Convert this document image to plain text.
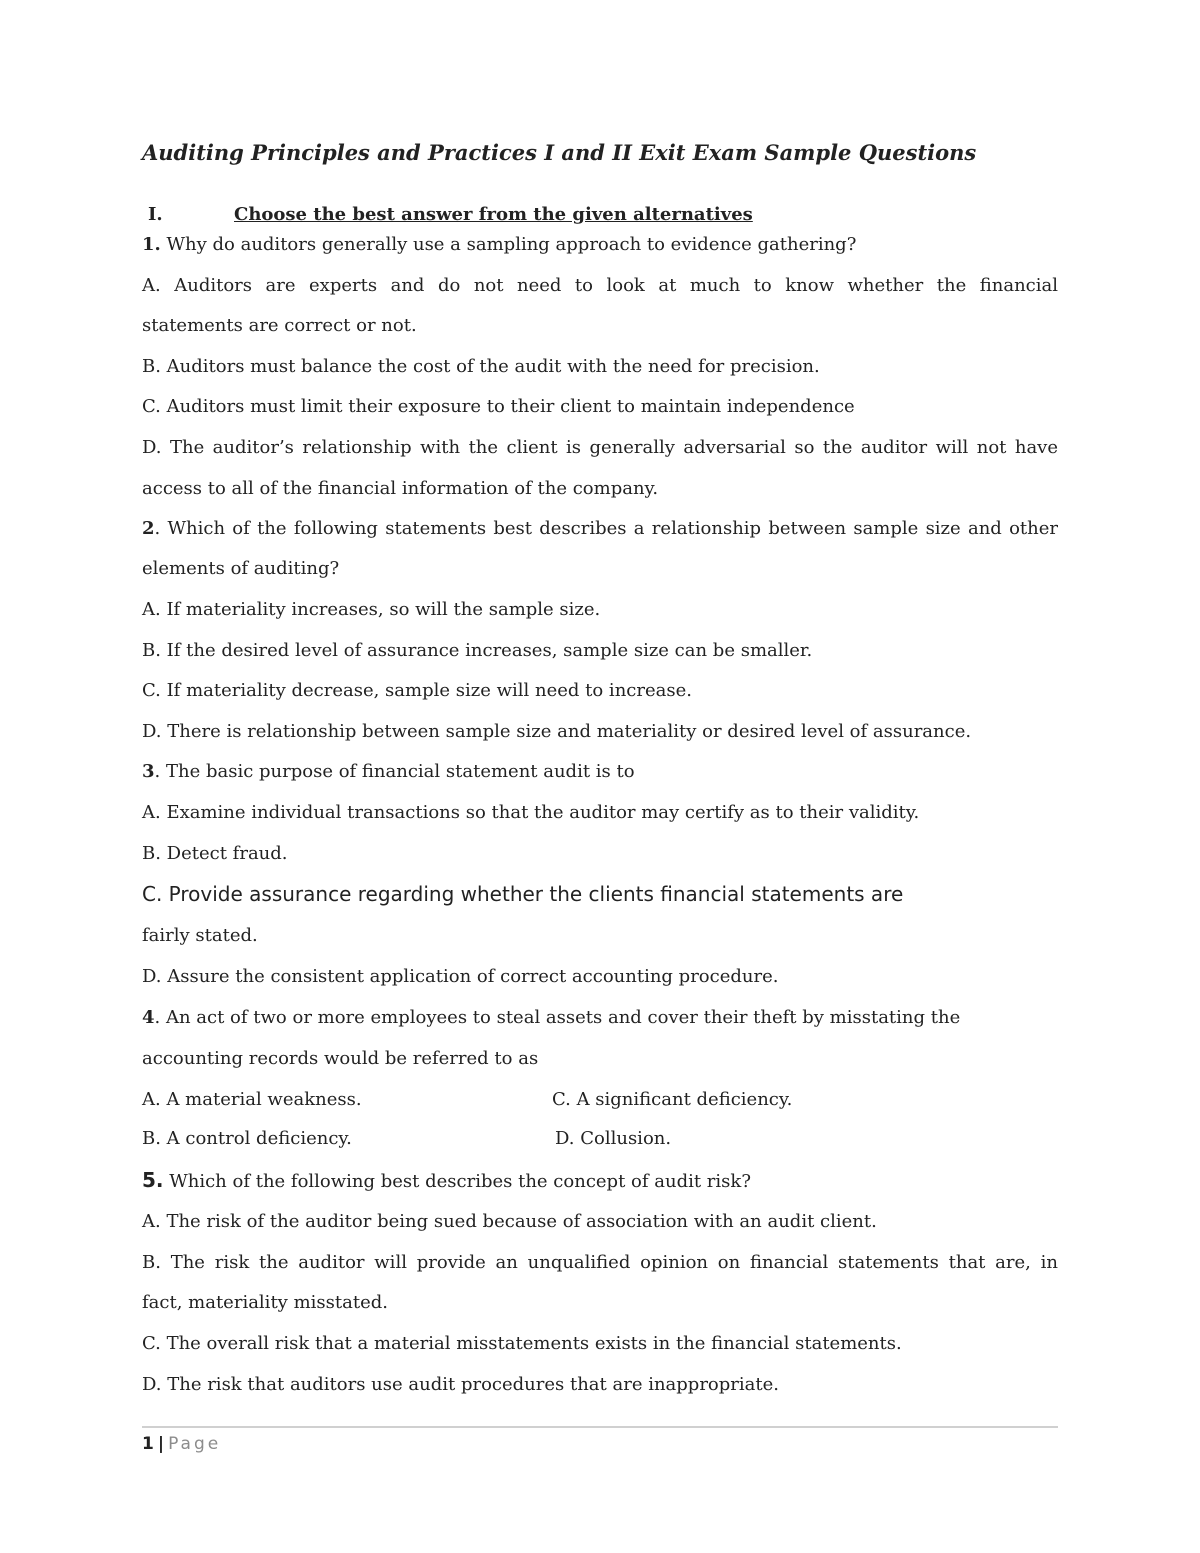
Auditing Principles and Practices I and II Exit Exam Sample Questions
I.	Choose the best answer from the given alternatives
1. Why do auditors generally use a sampling approach to evidence gathering?
A. Auditors are experts and do not need to look at much to know whether the financial
statements are correct or not.
B. Auditors must balance the cost of the audit with the need for precision.
C. Auditors must limit their exposure to their client to maintain independence
D. The auditor’s relationship with the client is generally adversarial so the auditor will not have
access to all of the financial information of the company.
2. Which of the following statements best describes a relationship between sample size and other
elements of auditing?
A. If materiality increases, so will the sample size.
B. If the desired level of assurance increases, sample size can be smaller.
C. If materiality decrease, sample size will need to increase.
D. There is relationship between sample size and materiality or desired level of assurance.
3. The basic purpose of financial statement audit is to
A. Examine individual transactions so that the auditor may certify as to their validity.
B. Detect fraud.
C. Provide assurance regarding whether the clients financial statements are
fairly stated.
D. Assure the consistent application of correct accounting procedure.
4. An act of two or more employees to steal assets and cover their theft by misstating the
accounting records would be referred to as
A. A material weakness.	C. A significant deficiency.
B. A control deficiency.	D. Collusion.
5. Which of the following best describes the concept of audit risk?
A. The risk of the auditor being sued because of association with an audit client.
B. The risk the auditor will provide an unqualified opinion on financial statements that are, in
fact, materiality misstated.
C. The overall risk that a material misstatements exists in the financial statements.
D. The risk that auditors use audit procedures that are inappropriate.
1 | Page
